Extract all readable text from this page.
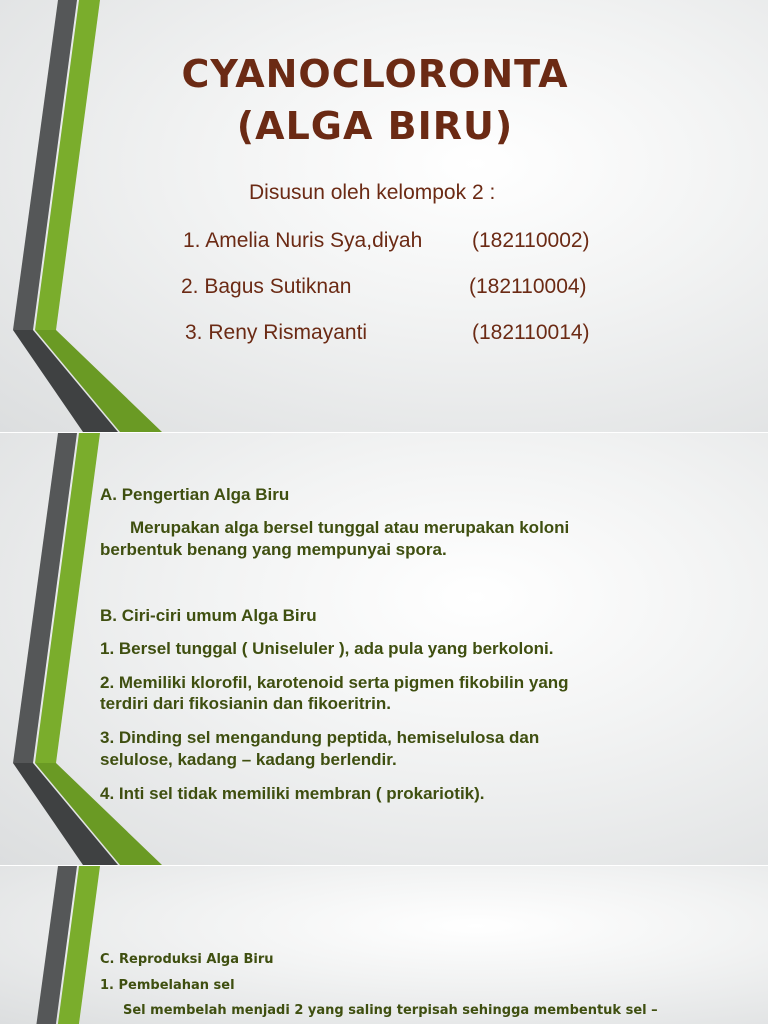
CYANOCLORONTA
(ALGA BIRU)

Disusun oleh kelompok 2 :

1. Amelia Nuris Sya,diyah (182110002)

2. Bagus Sutiknan	(182110004)

3. Reny Rismayanti	(182110014)

A. Pengertian Alga Biru

Merupakan alga bersel tunggal atau merupakan koloni

berbentuk benang yang mempunyai spora.

B. Ciri-ciri umum Alga Biru

1. Bersel tunggal ( Uniseluler ), ada pula yang berkoloni.

2. Memiliki klorofil, karotenoid serta pigmen fikobilin yang

terdiri dari fikosianin dan fikoeritrin.

3. Dinding sel mengandung peptida, hemiselulosa dan

selulose, kadang – kadang berlendir.

4. Inti sel tidak memiliki membran ( prokariotik).

C. Reproduksi Alga Biru

1. Pembelahan sel

Sel membelah menjadi 2 yang saling terpisah sehingga membentuk sel –
